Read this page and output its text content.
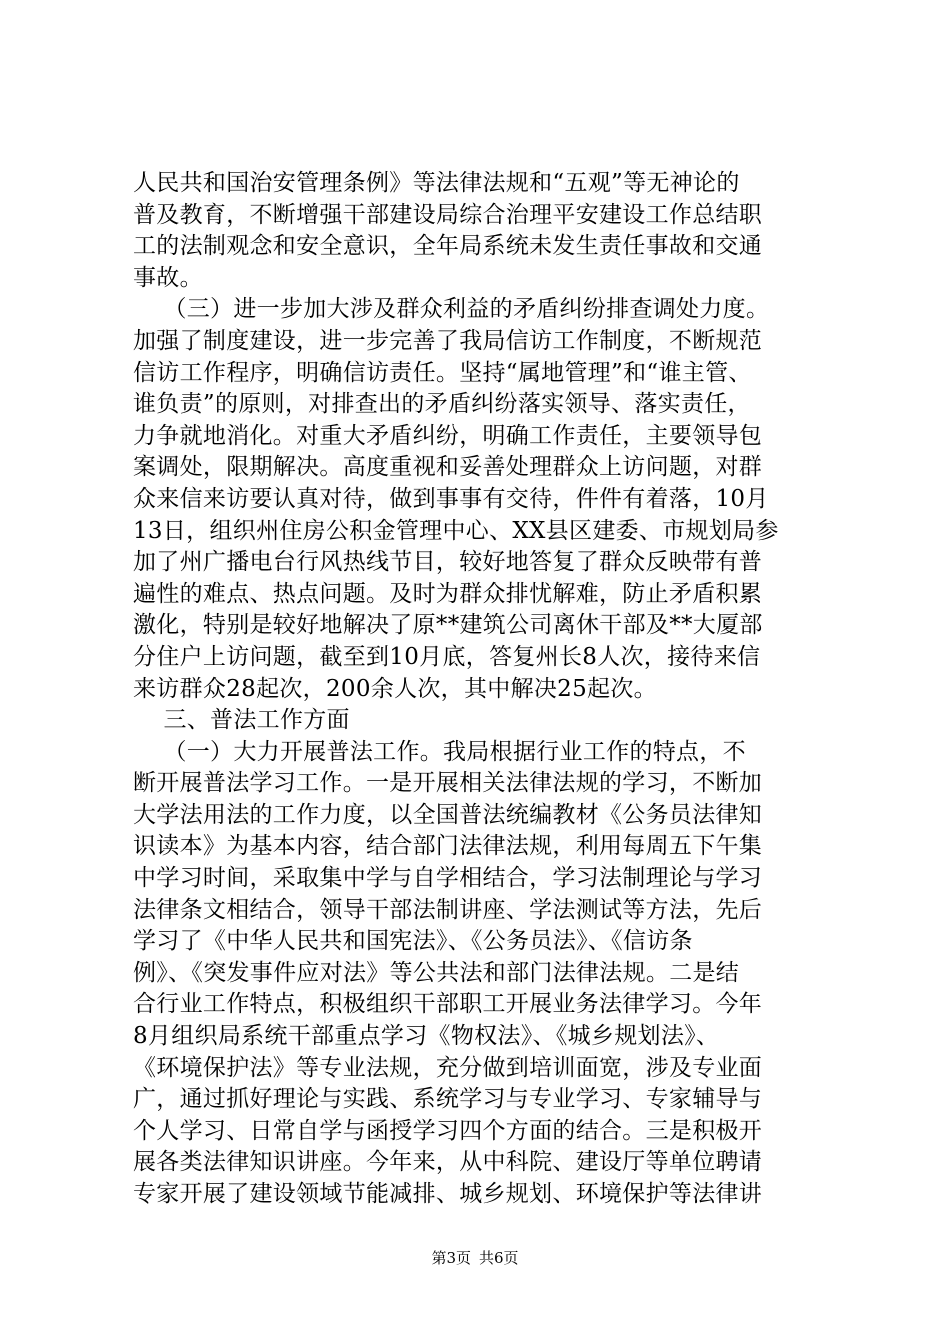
人民共和国治安管理条例》等法律法规和“五观”等无神论的
普及教育，不断增强干部建设局综合治理平安建设工作总结职
工的法制观念和安全意识，全年局系统未发生责任事故和交通
事故。
（三）进一步加大涉及群众利益的矛盾纠纷排查调处力度。
加强了制度建设，进一步完善了我局信访工作制度，不断规范
信访工作程序，明确信访责任。坚持“属地管理”和“谁主管、
谁负责”的原则，对排查出的矛盾纠纷落实领导、落实责任，
力争就地消化。对重大矛盾纠纷，明确工作责任，主要领导包
案调处，限期解决。高度重视和妥善处理群众上访问题，对群
众来信来访要认真对待，做到事事有交待，件件有着落，10月
13日，组织州住房公积金管理中心、XX县区建委、市规划局参
加了州广播电台行风热线节目，较好地答复了群众反映带有普
遍性的难点、热点问题。及时为群众排忧解难，防止矛盾积累
激化，特别是较好地解决了原**建筑公司离休干部及**大厦部
分住户上访问题，截至到10月底，答复州长8人次，接待来信
来访群众28起次，200余人次，其中解决25起次。
三、普法工作方面
（一）大力开展普法工作。我局根据行业工作的特点，不
断开展普法学习工作。一是开展相关法律法规的学习，不断加
大学法用法的工作力度，以全国普法统编教材《公务员法律知
识读本》为基本内容，结合部门法律法规，利用每周五下午集
中学习时间，采取集中学与自学相结合，学习法制理论与学习
法律条文相结合，领导干部法制讲座、学法测试等方法，先后
学习了《中华人民共和国宪法》、《公务员法》、《信访条
例》、《突发事件应对法》等公共法和部门法律法规。二是结
合行业工作特点，积极组织干部职工开展业务法律学习。今年
8月组织局系统干部重点学习《物权法》、《城乡规划法》、
《环境保护法》等专业法规，充分做到培训面宽，涉及专业面
广，通过抓好理论与实践、系统学习与专业学习、专家辅导与
个人学习、日常自学与函授学习四个方面的结合。三是积极开
展各类法律知识讲座。今年来，从中科院、建设厅等单位聘请
专家开展了建设领域节能减排、城乡规划、环境保护等法律讲
第3页 共6页
